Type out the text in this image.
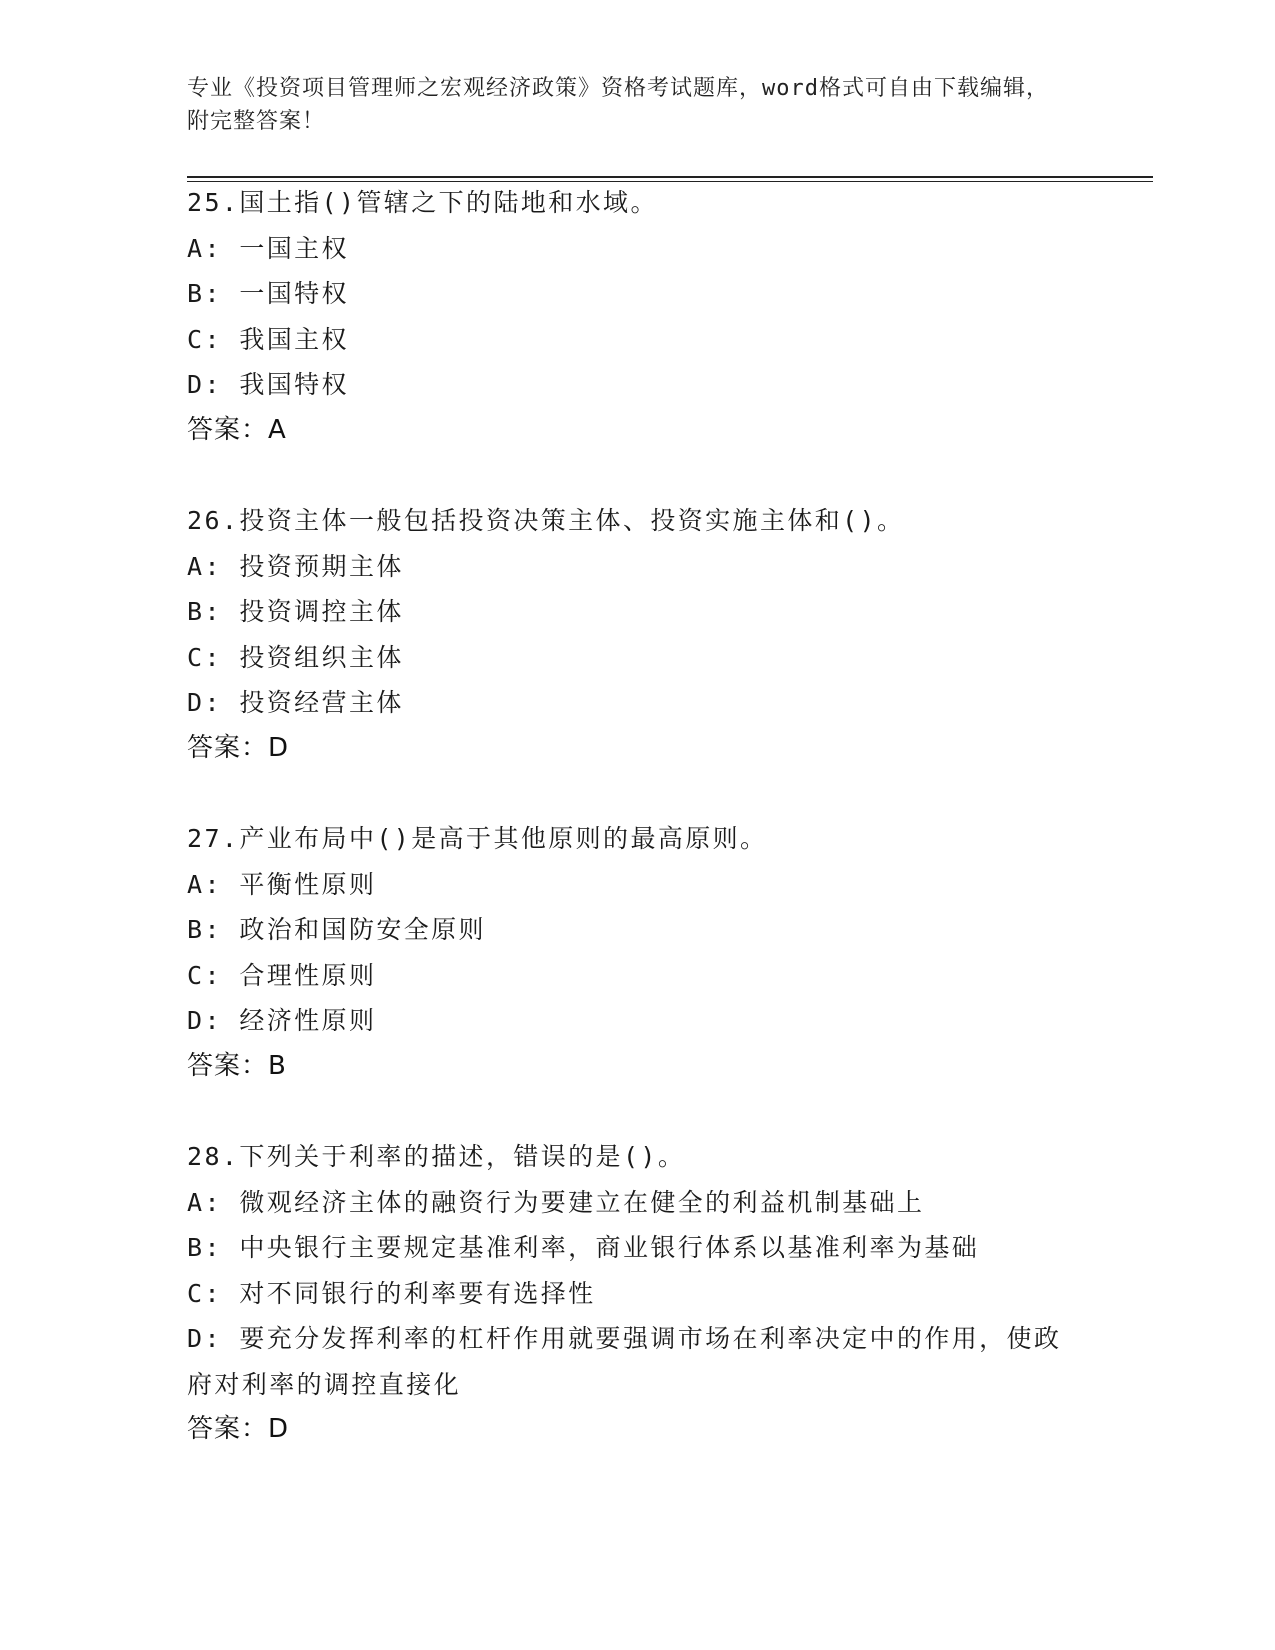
专业《投资项目管理师之宏观经济政策》资格考试题库，word格式可自由下载编辑，附完整答案！
25.国土指()管辖之下的陆地和水域。
A: 一国主权
B: 一国特权
C: 我国主权
D: 我国特权
答案：A
26.投资主体一般包括投资决策主体、投资实施主体和()。
A: 投资预期主体
B: 投资调控主体
C: 投资组织主体
D: 投资经营主体
答案：D
27.产业布局中()是高于其他原则的最高原则。
A: 平衡性原则
B: 政治和国防安全原则
C: 合理性原则
D: 经济性原则
答案：B
28.下列关于利率的描述，错误的是()。
A: 微观经济主体的融资行为要建立在健全的利益机制基础上
B: 中央银行主要规定基准利率，商业银行体系以基准利率为基础
C: 对不同银行的利率要有选择性
D: 要充分发挥利率的杠杆作用就要强调市场在利率决定中的作用，使政府对利率的调控直接化
答案：D
